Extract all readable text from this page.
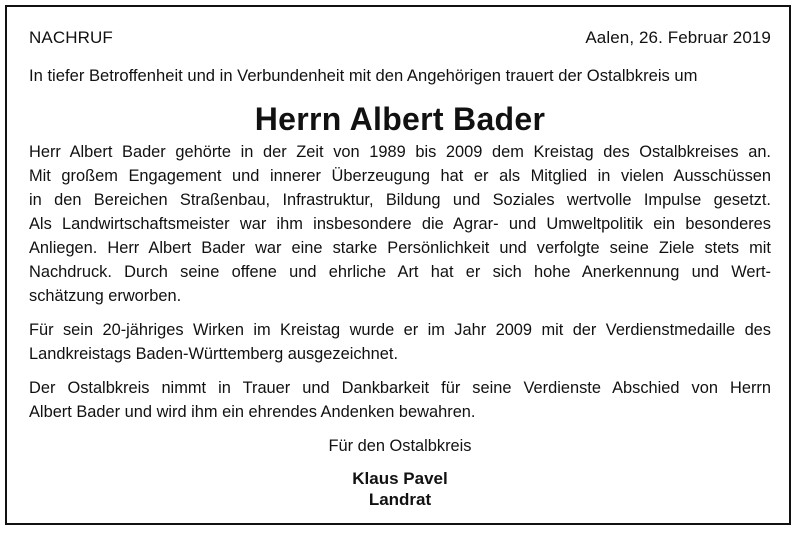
NACHRUF	Aalen, 26. Februar 2019
In tiefer Betroffenheit und in Verbundenheit mit den Angehörigen trauert der Ostalbkreis um
Herrn Albert Bader
Herr Albert Bader gehörte in der Zeit von 1989 bis 2009 dem Kreistag des Ostalbkreises an.
Mit großem Engagement und innerer Überzeugung hat er als Mitglied in vielen Ausschüssen
in den Bereichen Straßenbau, Infrastruktur, Bildung und Soziales wertvolle Impulse gesetzt.
Als Landwirtschaftsmeister war ihm insbesondere die Agrar- und Umweltpolitik ein besonderes
Anliegen. Herr Albert Bader war eine starke Persönlichkeit und verfolgte seine Ziele stets mit
Nachdruck. Durch seine offene und ehrliche Art hat er sich hohe Anerkennung und Wert-
schätzung erworben.
Für sein 20-jähriges Wirken im Kreistag wurde er im Jahr 2009 mit der Verdienstmedaille des
Landkreistags Baden-Württemberg ausgezeichnet.
Der Ostalbkreis nimmt in Trauer und Dankbarkeit für seine Verdienste Abschied von Herrn
Albert Bader und wird ihm ein ehrendes Andenken bewahren.
Für den Ostalbkreis
Klaus Pavel
Landrat
